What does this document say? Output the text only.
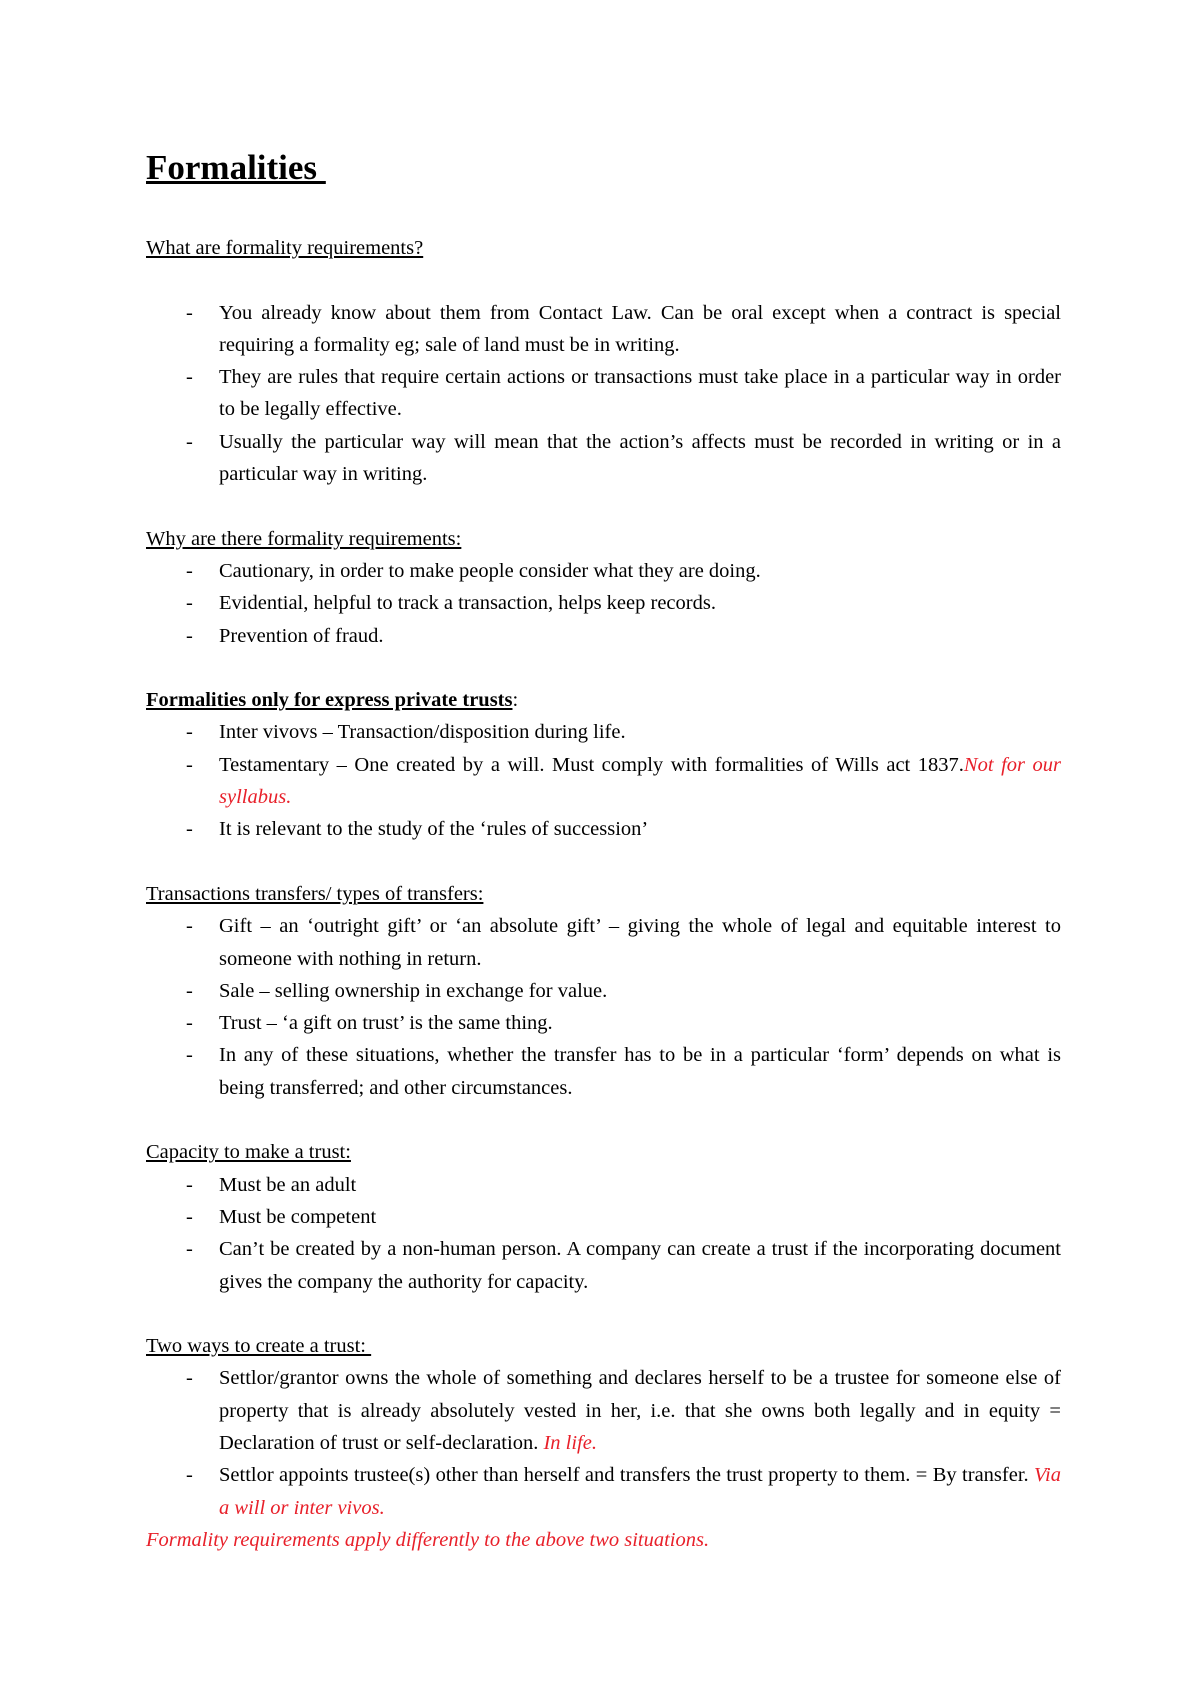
Formalities
What are formality requirements?
- You already know about them from Contact Law. Can be oral except when a contract is special requiring a formality eg; sale of land must be in writing.
- They are rules that require certain actions or transactions must take place in a particular way in order to be legally effective.
- Usually the particular way will mean that the action’s affects must be recorded in writing or in a particular way in writing.
Why are there formality requirements:
- Cautionary, in order to make people consider what they are doing.
- Evidential, helpful to track a transaction, helps keep records.
- Prevention of fraud.
Formalities only for express private trusts:
- Inter vivovs – Transaction/disposition during life.
- Testamentary – One created by a will. Must comply with formalities of Wills act 1837.Not for our syllabus.
- It is relevant to the study of the ‘rules of succession’
Transactions transfers/ types of transfers:
- Gift – an ‘outright gift’ or ‘an absolute gift’ – giving the whole of legal and equitable interest to someone with nothing in return.
- Sale – selling ownership in exchange for value.
- Trust – ‘a gift on trust’ is the same thing.
- In any of these situations, whether the transfer has to be in a particular ‘form’ depends on what is being transferred; and other circumstances.
Capacity to make a trust:
- Must be an adult
- Must be competent
- Can’t be created by a non-human person. A company can create a trust if the incorporating document gives the company the authority for capacity.
Two ways to create a trust:
- Settlor/grantor owns the whole of something and declares herself to be a trustee for someone else of property that is already absolutely vested in her, i.e. that she owns both legally and in equity = Declaration of trust or self-declaration. In life.
- Settlor appoints trustee(s) other than herself and transfers the trust property to them. = By transfer. Via a will or inter vivos.
Formality requirements apply differently to the above two situations.
